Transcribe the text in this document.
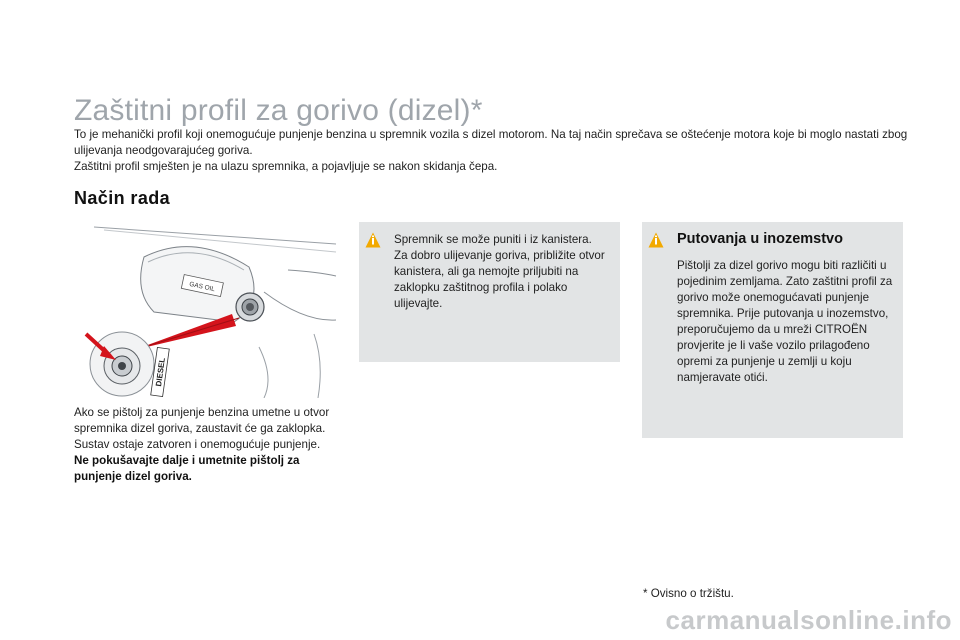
Zaštitni profil za gorivo (dizel)*

To je mehanički profil koji onemogućuje punjenje benzina u spremnik vozila s dizel motorom. Na taj način sprečava se oštećenje motora koje bi moglo nastati zbog ulijevanja neodgovarajućeg goriva.

Zaštitni profil smješten je na ulazu spremnika, a pojavljuje se nakon skidanja čepa.

Način rada
GAS OIL
DIESEL

Ako se pištolj za punjenje benzina umetne u otvor spremnika dizel goriva, zaustavit će ga zaklopka. Sustav ostaje zatvoren i onemogućuje punjenje.

Ne pokušavajte dalje i umetnite pištolj za punjenje dizel goriva.

Spremnik se može puniti i iz kanistera. Za dobro ulijevanje goriva, približite otvor kanistera, ali ga nemojte priljubiti na zaklopku zaštitnog profila i polako ulijevajte.

Putovanja u inozemstvo

Pištolji za dizel gorivo mogu biti različiti u pojedinim zemljama. Zato zaštitni profil za gorivo može onemogućavati punjenje spremnika. Prije putovanja u inozemstvo, preporučujemo da u mreži CITROËN provjerite je li vaše vozilo prilagođeno opremi za punjenje u zemlji u koju namjeravate otići.

* Ovisno o tržištu.
carmanualsonline.info
